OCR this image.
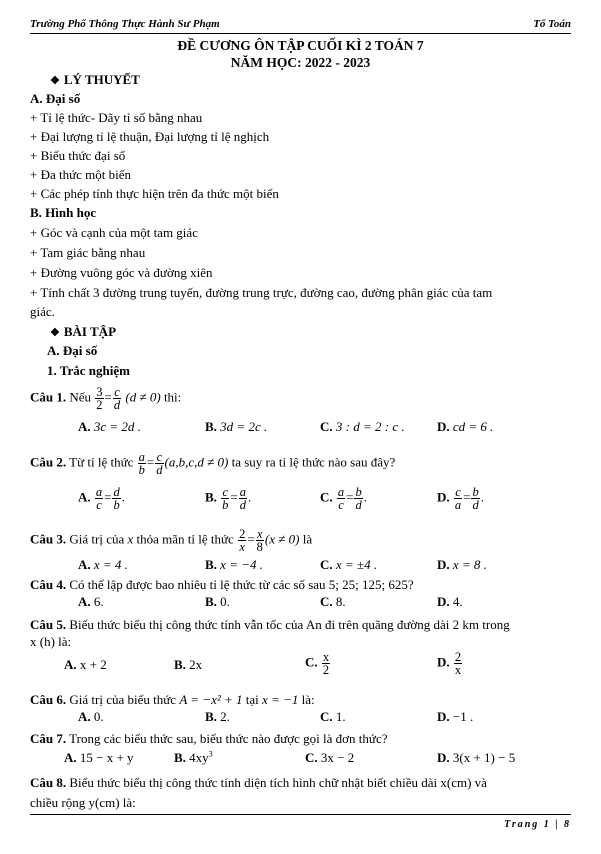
Trường Phổ Thông Thực Hành Sư Phạm	Tổ Toán
ĐỀ CƯƠNG ÔN TẬP CUỐI KÌ 2 TOÁN 7
NĂM HỌC: 2022 - 2023
❖ LÝ THUYẾT
A. Đại số
+ Tỉ lệ thức- Dãy tỉ số bằng nhau
+ Đại lượng tỉ lệ thuận, Đại lượng tỉ lệ nghịch
+ Biểu thức đại số
+ Đa thức một biến
+ Các phép tính thực hiện trên đa thức một biến
B. Hình học
+ Góc và cạnh của một tam giác
+ Tam giác bằng nhau
+ Đường vuông góc và đường xiên
+ Tính chất 3 đường trung tuyến, đường trung trực, đường cao, đường phân giác của tam
giác.
❖ BÀI TẬP
A. Đại số
1. Trắc nghiệm
Câu 1. Nếu $\frac{3}{2} = \frac{c}{d} (d \ne 0)$ thì:
A. 3c = 2d .	B. 3d = 2c .	C. 3 : d = 2 : c . D. cd = 6 .
Câu 2. Từ tỉ lệ thức $\frac{a}{b} = \frac{c}{d} (a,b,c,d \ne 0)$ ta suy ra tỉ lệ thức nào sau đây?
A. $\frac{a}{c} = \frac{d}{b}$ .	B. $\frac{c}{b} = \frac{a}{d}$ .	C. $\frac{a}{c} = \frac{b}{d}$ .	D. $\frac{c}{a} = \frac{b}{d}$ .
Câu 3. Giá trị của x thỏa mãn tỉ lệ thức $\frac{2}{x} = \frac{x}{8} (x \ne 0)$ là
A. x = 4 .	B. x = −4 .	C. x = ±4 .	D. x = 8 .
Câu 4. Có thể lập được bao nhiêu tỉ lệ thức từ các số sau 5; 25; 125; 625?
A. 6.	B. 0.	C. 8.	D. 4.
Câu 5. Biểu thức biểu thị công thức tính vẫn tốc của An đi trên quãng đường dài 2 km trong
x (h) là:
A. x + 2	B. 2x	C. $\frac{x}{2}$	D. $\frac{2}{x}$
Câu 6. Giá trị của biểu thức A = −x² + 1 tại x = −1 là:
A. 0.	B. 2.	C. 1.	D. −1 .
Câu 7. Trong các biểu thức sau, biểu thức nào được gọi là đơn thức?
A. 15 − x + y	B. $4xy^3$	C. 3x − 2	D. 3(x + 1) − 5
Câu 8. Biểu thức biểu thị công thức tính diện tích hình chữ nhật biết chiều dài x(cm) và
chiều rộng y(cm) là:
Trang 1 | 8
